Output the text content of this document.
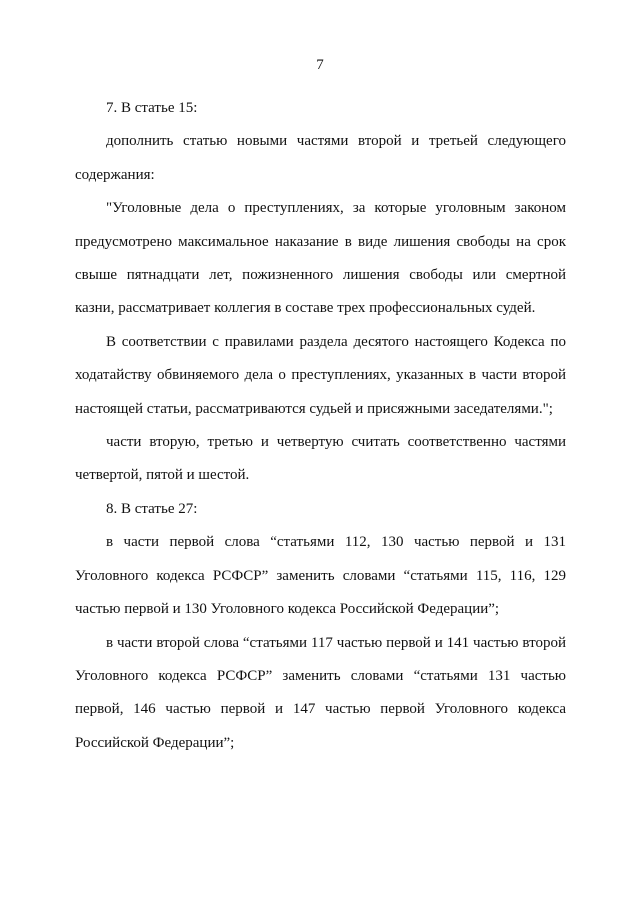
7

7. В статье 15:

дополнить статью новыми частями второй и третьей следующего содержания:

"Уголовные дела о преступлениях, за которые уголовным законом предусмотрено максимальное наказание в виде лишения свободы на срок свыше пятнадцати лет, пожизненного лишения свободы или смертной казни, рассматривает коллегия в составе трех профессиональных судей.

В соответствии с правилами раздела десятого настоящего Кодекса по ходатайству обвиняемого дела о преступлениях, указанных в части второй настоящей статьи, рассматриваются судьей и присяжными заседателями.";

части вторую, третью и четвертую считать соответственно частями четвертой, пятой и шестой.

8. В статье 27:

в части первой слова “статьями 112, 130 частью первой и 131 Уголовного кодекса РСФСР” заменить словами “статьями 115, 116, 129 частью первой и 130 Уголовного кодекса Российской Федерации”;

в части второй слова “статьями 117 частью первой и 141 частью второй Уголовного кодекса РСФСР” заменить словами “статьями 131 частью первой, 146 частью первой и 147 частью первой Уголовного кодекса Российской Федерации”;
